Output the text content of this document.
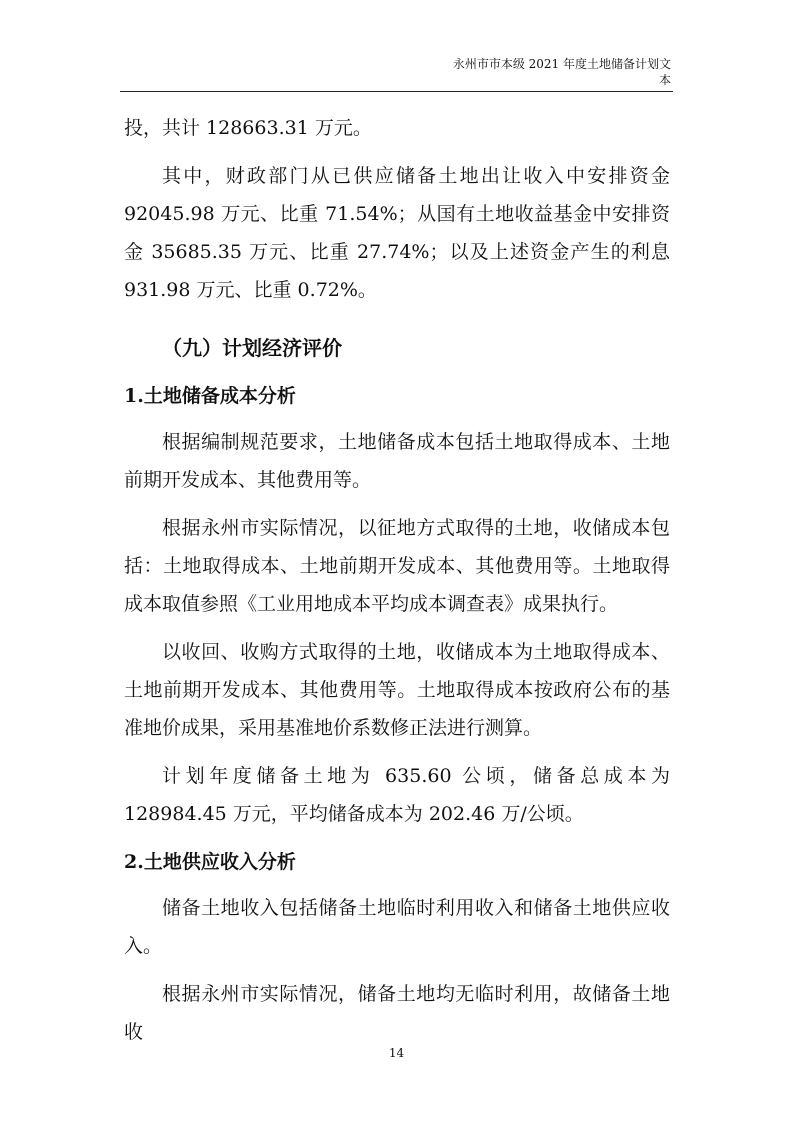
永州市市本级 2021 年度土地储备计划文
本

投，共计 128663.31 万元。

其中，财政部门从已供应储备土地出让收入中安排资金 92045.98 万元、比重 71.54%；从国有土地收益基金中安排资金 35685.35 万元、比重 27.74%；以及上述资金产生的利息 931.98 万元、比重 0.72%。

（九）计划经济评价
1.土地储备成本分析

根据编制规范要求，土地储备成本包括土地取得成本、土地前期开发成本、其他费用等。

根据永州市实际情况，以征地方式取得的土地，收储成本包括：土地取得成本、土地前期开发成本、其他费用等。土地取得成本取值参照《工业用地成本平均成本调查表》成果执行。

以收回、收购方式取得的土地，收储成本为土地取得成本、土地前期开发成本、其他费用等。土地取得成本按政府公布的基准地价成果，采用基准地价系数修正法进行测算。

计划年度储备土地为 635.60 公顷，储备总成本为 128984.45 万元，平均储备成本为 202.46 万/公顷。

2.土地供应收入分析

储备土地收入包括储备土地临时利用收入和储备土地供应收入。

根据永州市实际情况，储备土地均无临时利用，故储备土地收

14
